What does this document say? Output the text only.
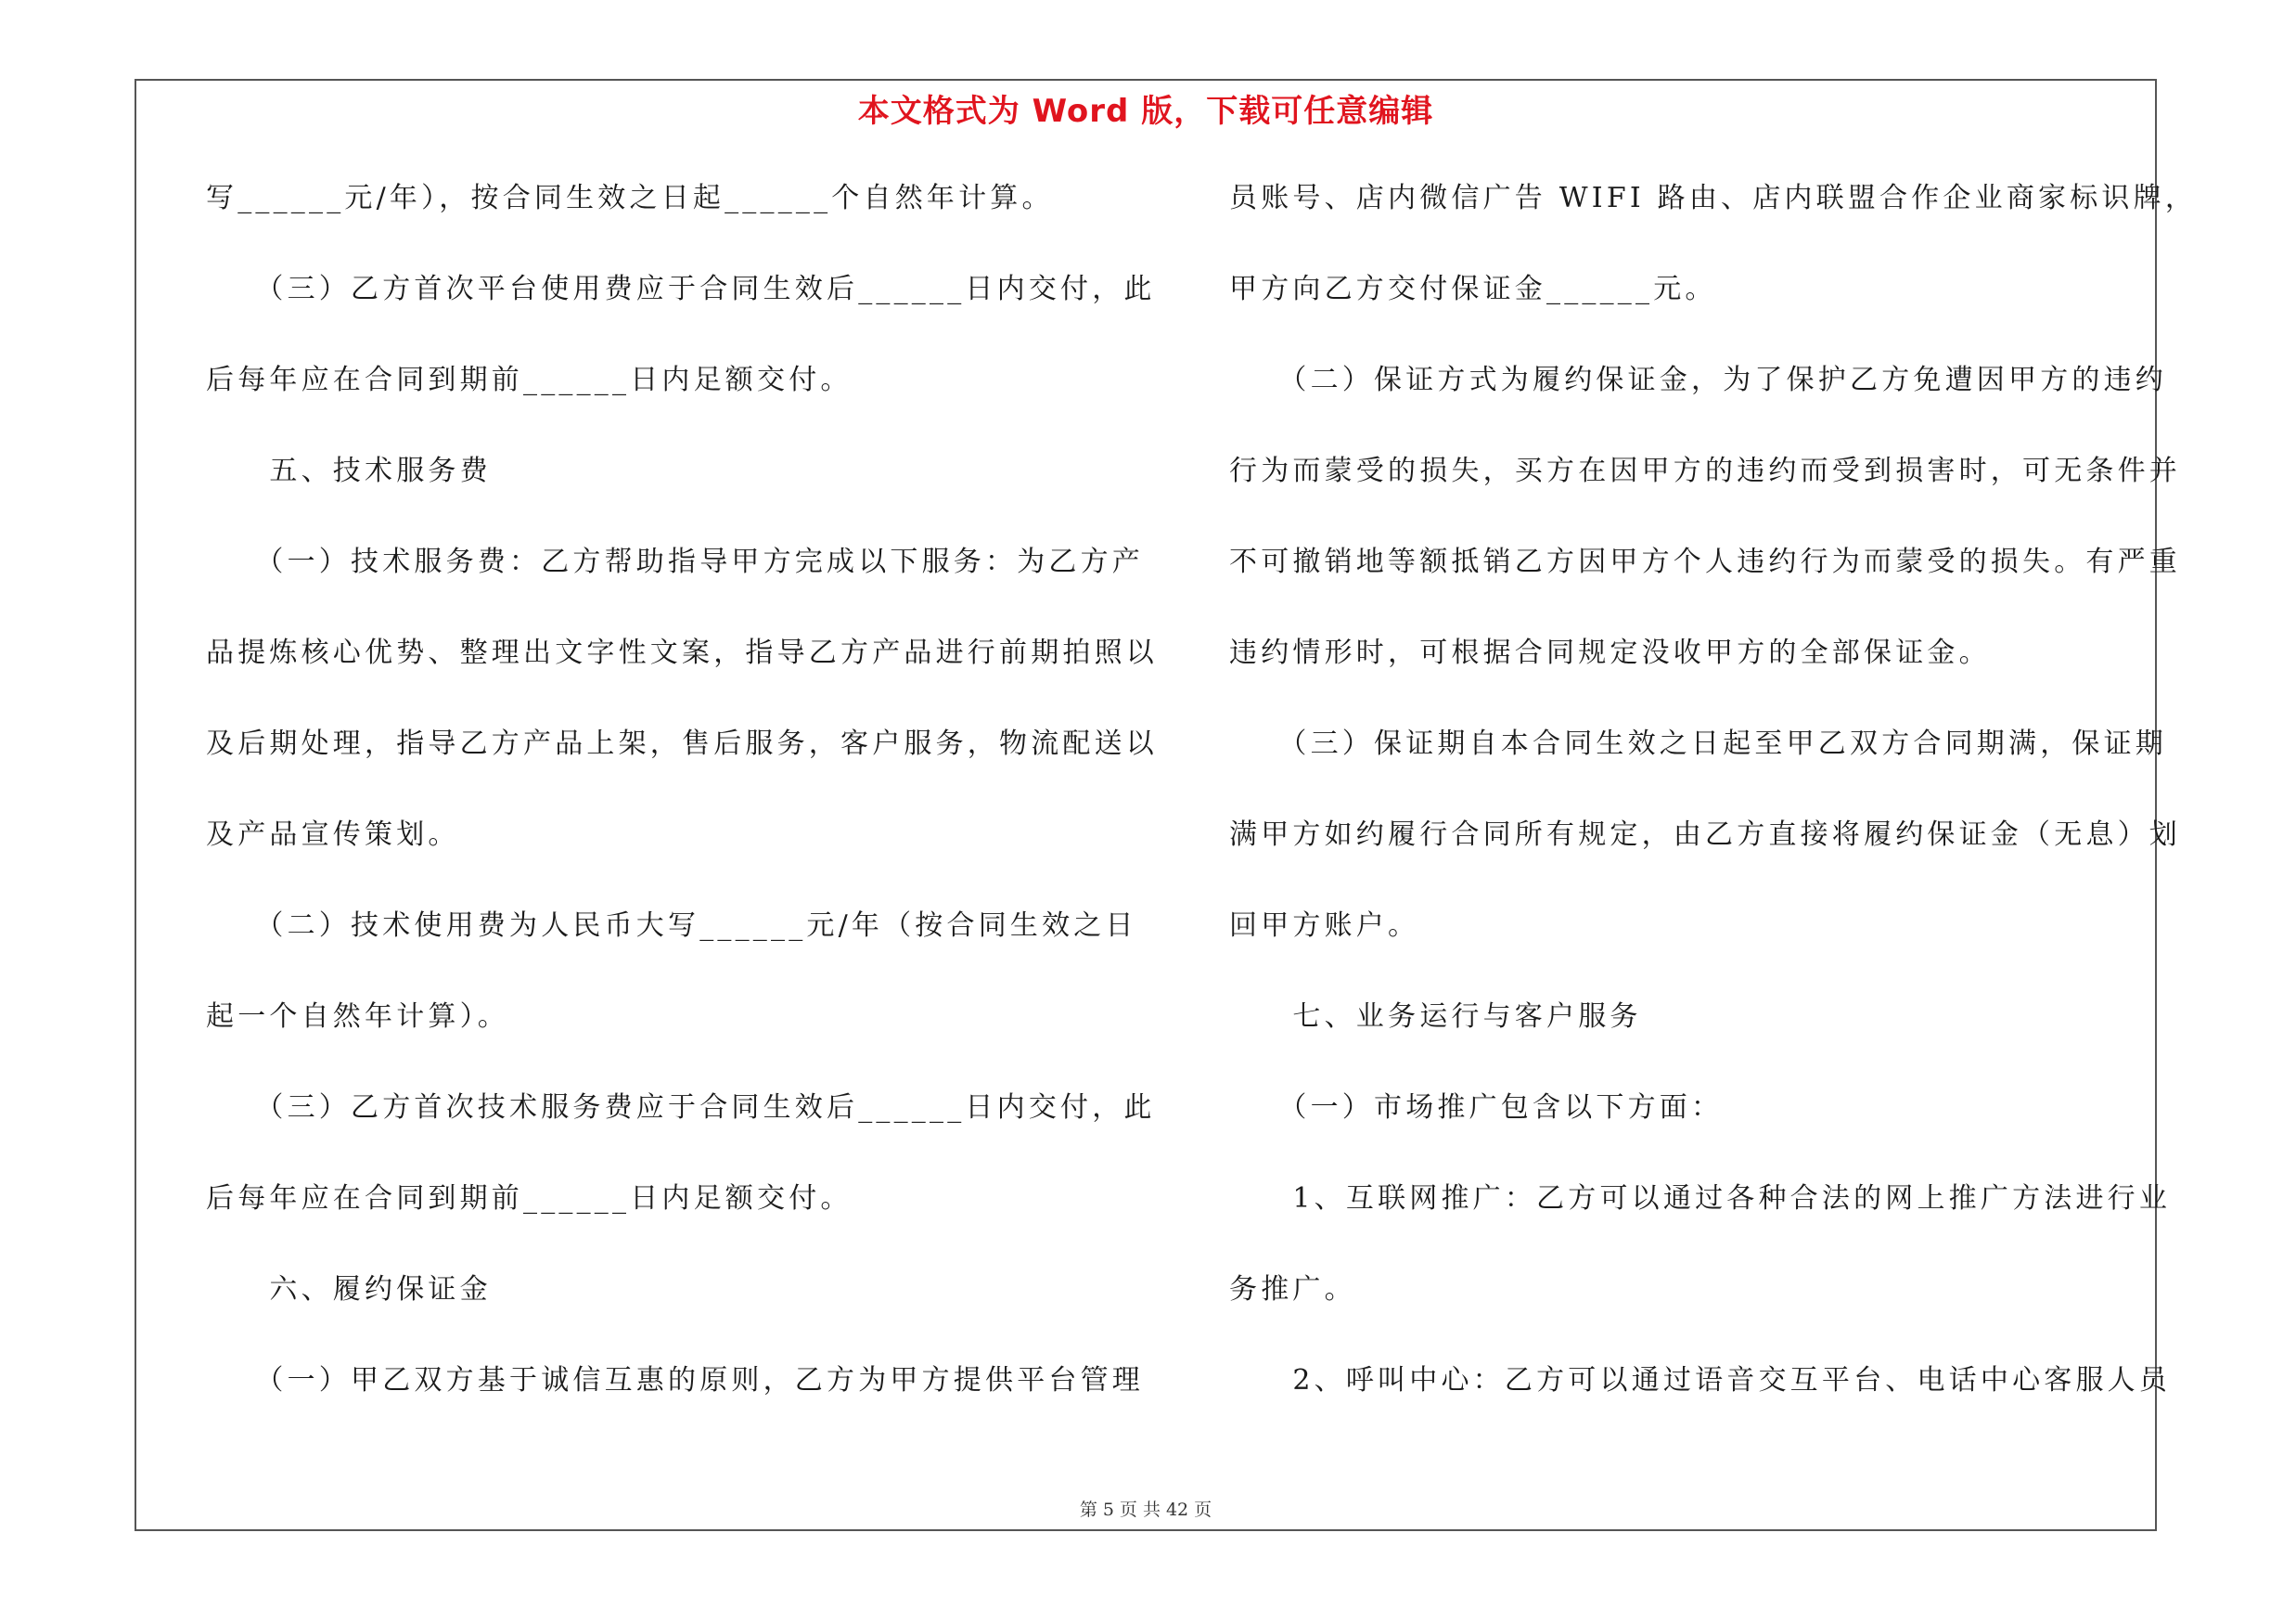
本文格式为 Word 版，下载可任意编辑
写______元/年），按合同生效之日起______个自然年计算。
　　（三）乙方首次平台使用费应于合同生效后______日内交付，此
后每年应在合同到期前______日内足额交付。
　　五、技术服务费
　　（一）技术服务费：乙方帮助指导甲方完成以下服务：为乙方产
品提炼核心优势、整理出文字性文案，指导乙方产品进行前期拍照以
及后期处理，指导乙方产品上架，售后服务，客户服务，物流配送以
及产品宣传策划。
　　（二）技术使用费为人民币大写______元/年（按合同生效之日
起一个自然年计算）。
　　（三）乙方首次技术服务费应于合同生效后______日内交付，此
后每年应在合同到期前______日内足额交付。
　　六、履约保证金
　　（一）甲乙双方基于诚信互惠的原则，乙方为甲方提供平台管理
员账号、店内微信广告 WIFI 路由、店内联盟合作企业商家标识牌，
甲方向乙方交付保证金______元。
　　（二）保证方式为履约保证金，为了保护乙方免遭因甲方的违约
行为而蒙受的损失，买方在因甲方的违约而受到损害时，可无条件并
不可撤销地等额抵销乙方因甲方个人违约行为而蒙受的损失。有严重
违约情形时，可根据合同规定没收甲方的全部保证金。
　　（三）保证期自本合同生效之日起至甲乙双方合同期满，保证期
满甲方如约履行合同所有规定，由乙方直接将履约保证金（无息）划
回甲方账户。
　　七、业务运行与客户服务
　　（一）市场推广包含以下方面：
　　1、互联网推广：乙方可以通过各种合法的网上推广方法进行业
务推广。
　　2、呼叫中心：乙方可以通过语音交互平台、电话中心客服人员
第 5 页 共 42 页
